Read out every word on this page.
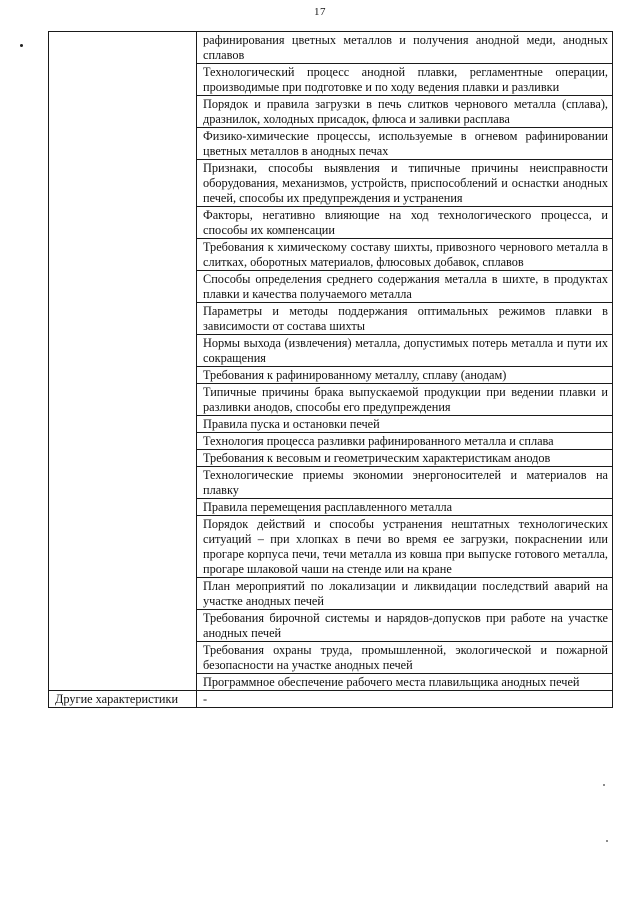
17

	рафинирования цветных металлов и получения анодной меди, анодных сплавов

	Технологический процесс анодной плавки, регламентные операции, производимые при подготовке и по ходу ведения плавки и разливки

	Порядок и правила загрузки в печь слитков чернового металла (сплава), дразнилок, холодных присадок, флюса и заливки расплава

	Физико-химические процессы, используемые в огневом рафинировании цветных металлов в анодных печах

	Признаки, способы выявления и типичные причины неисправности оборудования, механизмов, устройств, приспособлений и оснастки анодных печей, способы их предупреждения и устранения

	Факторы, негативно влияющие на ход технологического процесса, и способы их компенсации

	Требования к химическому составу шихты, привозного чернового металла в слитках, оборотных материалов, флюсовых добавок, сплавов

	Способы определения среднего содержания металла в шихте, в продуктах плавки и качества получаемого металла

	Параметры и методы поддержания оптимальных режимов плавки в зависимости от состава шихты

	Нормы выхода (извлечения) металла, допустимых потерь металла и пути их сокращения

	Требования к рафинированному металлу, сплаву (анодам)

	Типичные причины брака выпускаемой продукции при ведении плавки и разливки анодов, способы его предупреждения

	Правила пуска и остановки печей

	Технология процесса разливки рафинированного металла и сплава

	Требования к весовым и геометрическим характеристикам анодов

	Технологические приемы экономии энергоносителей и материалов на плавку

	Правила перемещения расплавленного металла

	Порядок действий и способы устранения нештатных технологических ситуаций – при хлопках в печи во время ее загрузки, покраснении или прогаре корпуса печи, течи металла из ковша при выпуске готового металла, прогаре шлаковой чаши на стенде или на кране

	План мероприятий по локализации и ликвидации последствий аварий на участке анодных печей

	Требования бирочной системы и нарядов-допусков при работе на участке анодных печей

	Требования охраны труда, промышленной, экологической и пожарной безопасности на участке анодных печей

	Программное обеспечение рабочего места плавильщика анодных печей

Другие характеристики	-
